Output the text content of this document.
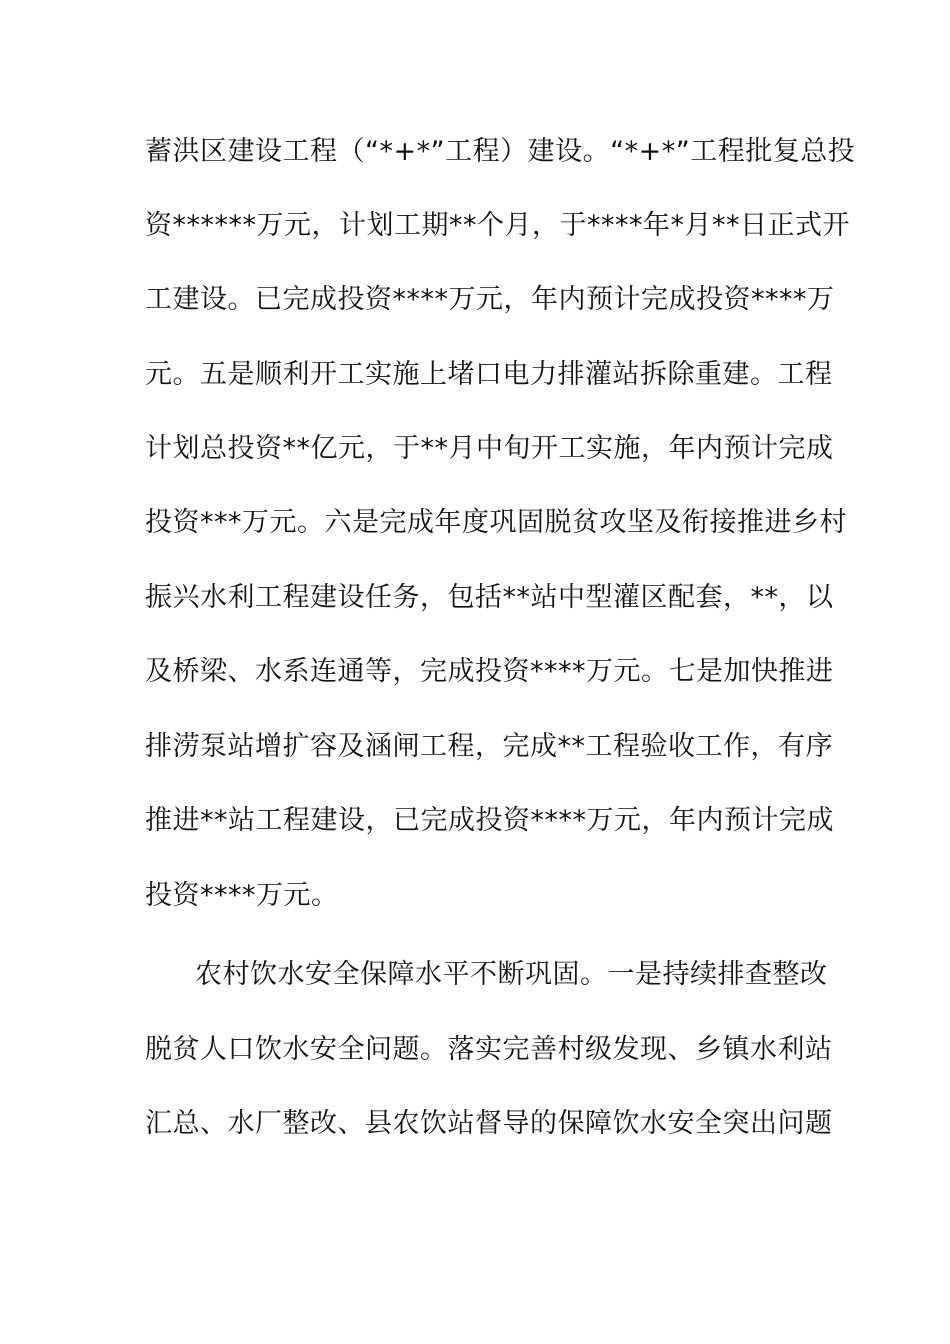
蓄洪区建设工程（“*+*”工程）建设。“*+*”工程批复总投
资******万元，计划工期**个月，于****年*月**日正式开
工建设。已完成投资****万元，年内预计完成投资****万
元。五是顺利开工实施上堵口电力排灌站拆除重建。工程
计划总投资**亿元，于**月中旬开工实施，年内预计完成
投资***万元。六是完成年度巩固脱贫攻坚及衔接推进乡村
振兴水利工程建设任务，包括**站中型灌区配套，**，以
及桥梁、水系连通等，完成投资****万元。七是加快推进
排涝泵站增扩容及涵闸工程，完成**工程验收工作，有序
推进**站工程建设，已完成投资****万元，年内预计完成
投资****万元。
农村饮水安全保障水平不断巩固。一是持续排查整改
脱贫人口饮水安全问题。落实完善村级发现、乡镇水利站
汇总、水厂整改、县农饮站督导的保障饮水安全突出问题
